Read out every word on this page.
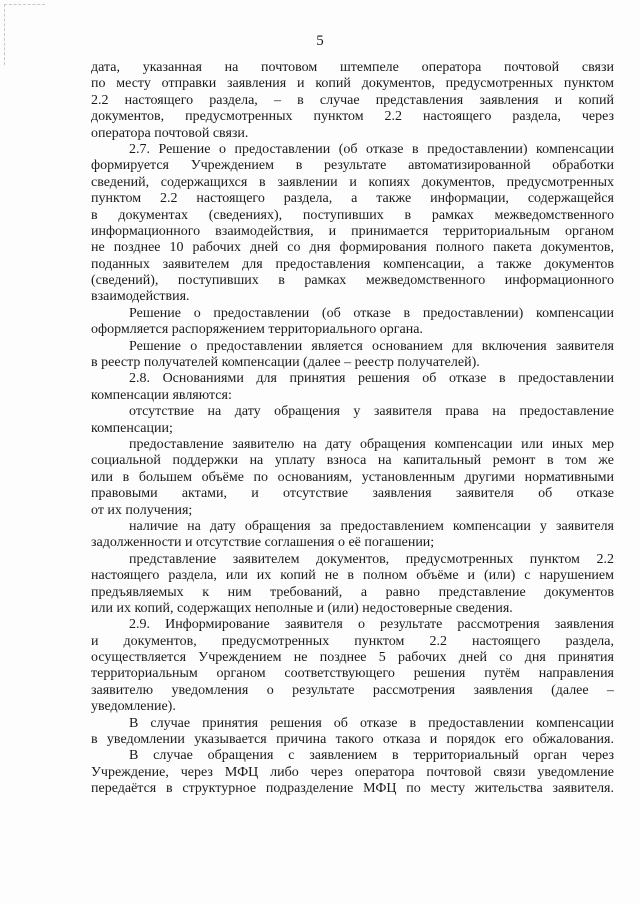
5
дата, указанная на почтовом штемпеле оператора почтовой связи
по месту отправки заявления и копий документов, предусмотренных пунктом
2.2 настоящего раздела, – в случае представления заявления и копий
документов, предусмотренных пунктом 2.2 настоящего раздела, через
оператора почтовой связи.
2.7. Решение о предоставлении (об отказе в предоставлении) компенсации
формируется Учреждением в результате автоматизированной обработки
сведений, содержащихся в заявлении и копиях документов, предусмотренных
пунктом 2.2 настоящего раздела, а также информации, содержащейся
в документах (сведениях), поступивших в рамках межведомственного
информационного взаимодействия, и принимается территориальным органом
не позднее 10 рабочих дней со дня формирования полного пакета документов,
поданных заявителем для предоставления компенсации, а также документов
(сведений), поступивших в рамках межведомственного информационного
взаимодействия.
Решение о предоставлении (об отказе в предоставлении) компенсации
оформляется распоряжением территориального органа.
Решение о предоставлении является основанием для включения заявителя
в реестр получателей компенсации (далее – реестр получателей).
2.8. Основаниями для принятия решения об отказе в предоставлении
компенсации являются:
отсутствие на дату обращения у заявителя права на предоставление
компенсации;
предоставление заявителю на дату обращения компенсации или иных мер
социальной поддержки на уплату взноса на капитальный ремонт в том же
или в большем объёме по основаниям, установленным другими нормативными
правовыми актами, и отсутствие заявления заявителя об отказе
от их получения;
наличие на дату обращения за предоставлением компенсации у заявителя
задолженности и отсутствие соглашения о её погашении;
представление заявителем документов, предусмотренных пунктом 2.2
настоящего раздела, или их копий не в полном объёме и (или) с нарушением
предъявляемых к ним требований, а равно представление документов
или их копий, содержащих неполные и (или) недостоверные сведения.
2.9. Информирование заявителя о результате рассмотрения заявления
и документов, предусмотренных пунктом 2.2 настоящего раздела,
осуществляется Учреждением не позднее 5 рабочих дней со дня принятия
территориальным органом соответствующего решения путём направления
заявителю уведомления о результате рассмотрения заявления (далее –
уведомление).
В случае принятия решения об отказе в предоставлении компенсации
в уведомлении указывается причина такого отказа и порядок его обжалования.
В случае обращения с заявлением в территориальный орган через
Учреждение, через МФЦ либо через оператора почтовой связи уведомление
передаётся в структурное подразделение МФЦ по месту жительства заявителя.
